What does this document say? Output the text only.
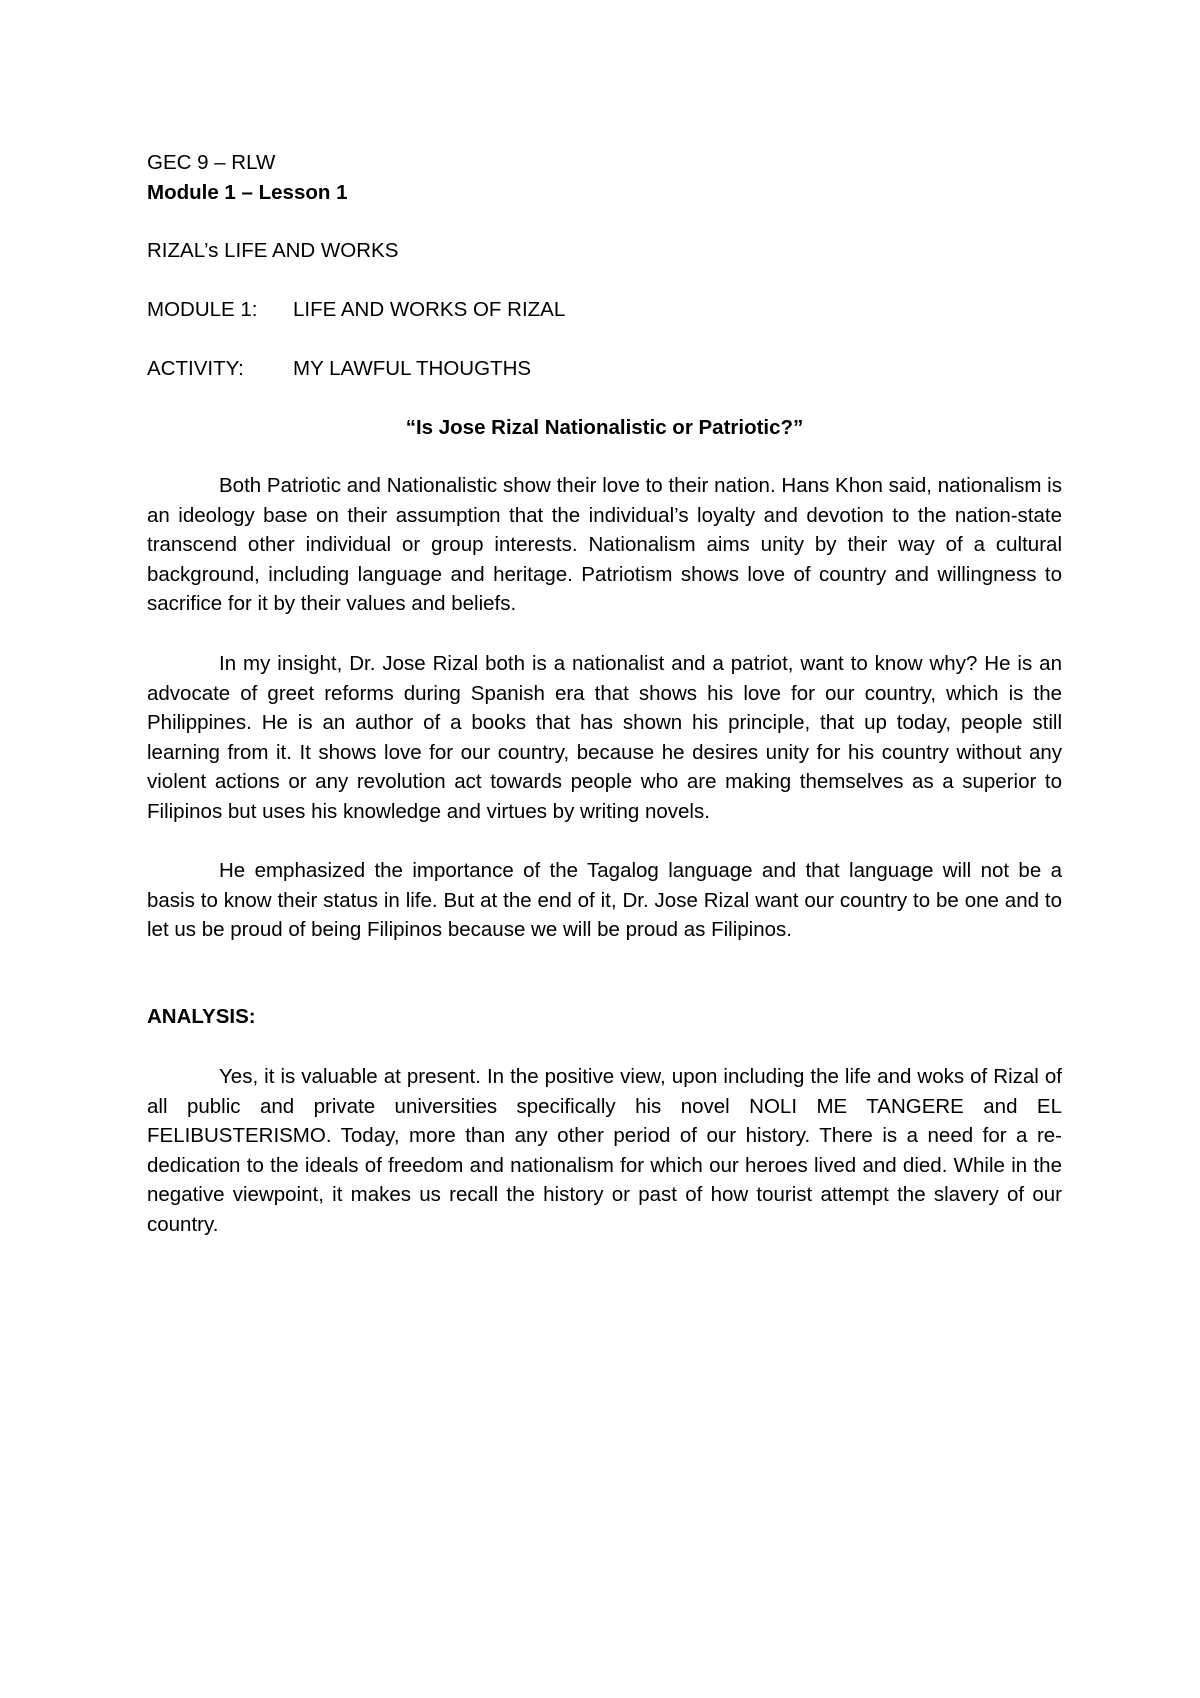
GEC 9 – RLW

Module 1 – Lesson 1

RIZAL’s LIFE AND WORKS

MODULE 1: LIFE AND WORKS OF RIZAL

ACTIVITY: MY LAWFUL THOUGTHS

“Is Jose Rizal Nationalistic or Patriotic?”

Both Patriotic and Nationalistic show their love to their nation. Hans Khon said, nationalism is an ideology base on their assumption that the individual’s loyalty and devotion to the nation-state transcend other individual or group interests. Nationalism aims unity by their way of a cultural background, including language and heritage. Patriotism shows love of country and willingness to sacrifice for it by their values and beliefs.

In my insight, Dr. Jose Rizal both is a nationalist and a patriot, want to know why? He is an advocate of greet reforms during Spanish era that shows his love for our country, which is the Philippines. He is an author of a books that has shown his principle, that up today, people still learning from it. It shows love for our country, because he desires unity for his country without any violent actions or any revolution act towards people who are making themselves as a superior to Filipinos but uses his knowledge and virtues by writing novels.

He emphasized the importance of the Tagalog language and that language will not be a basis to know their status in life. But at the end of it, Dr. Jose Rizal want our country to be one and to let us be proud of being Filipinos because we will be proud as Filipinos.

ANALYSIS:

Yes, it is valuable at present. In the positive view, upon including the life and woks of Rizal of all public and private universities specifically his novel NOLI ME TANGERE and EL FELIBUSTERISMO. Today, more than any other period of our history. There is a need for a re-dedication to the ideals of freedom and nationalism for which our heroes lived and died. While in the negative viewpoint, it makes us recall the history or past of how tourist attempt the slavery of our country.
